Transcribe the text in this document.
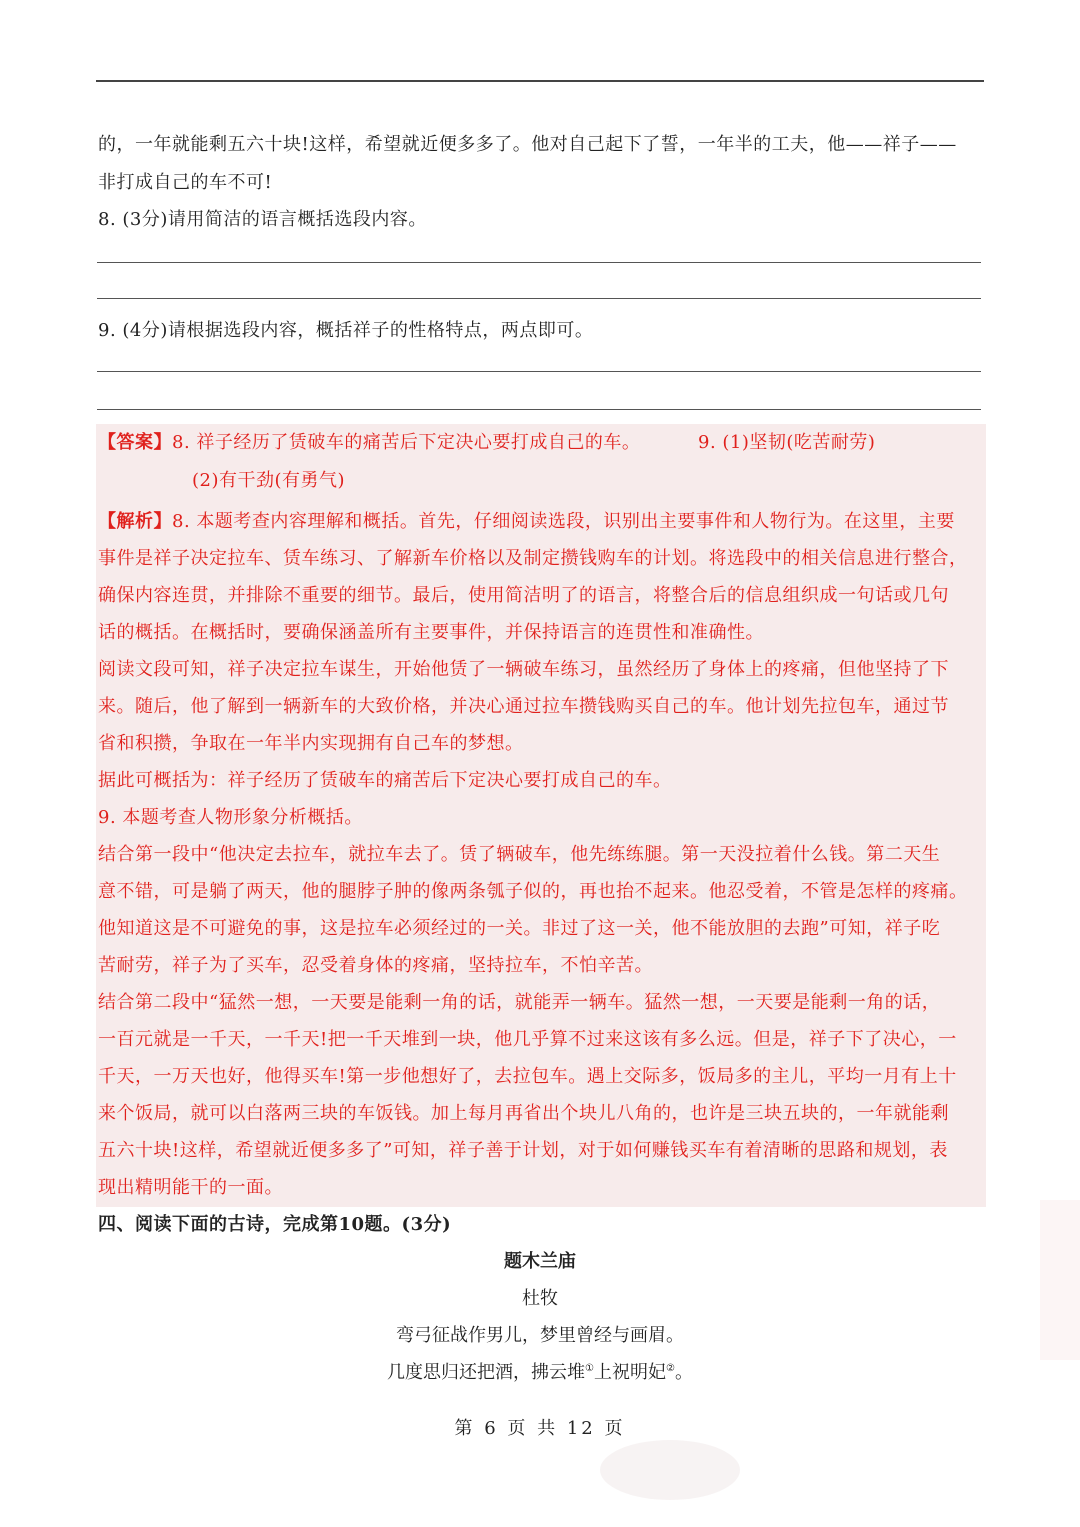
的，一年就能剩五六十块!这样，希望就近便多多了。他对自己起下了誓，一年半的工夫，他——祥子——
非打成自己的车不可!
8. (3分)请用简洁的语言概括选段内容。
9. (4分)请根据选段内容，概括祥子的性格特点，两点即可。
【答案】8. 祥子经历了赁破车的痛苦后下定决心要打成自己的车。	9. (1)坚韧(吃苦耐劳)
(2)有干劲(有勇气)
【解析】8. 本题考查内容理解和概括。首先，仔细阅读选段，识别出主要事件和人物行为。在这里，主要
事件是祥子决定拉车、赁车练习、了解新车价格以及制定攒钱购车的计划。将选段中的相关信息进行整合，
确保内容连贯，并排除不重要的细节。最后，使用简洁明了的语言，将整合后的信息组织成一句话或几句
话的概括。在概括时，要确保涵盖所有主要事件，并保持语言的连贯性和准确性。
阅读文段可知，祥子决定拉车谋生，开始他赁了一辆破车练习，虽然经历了身体上的疼痛，但他坚持了下
来。随后，他了解到一辆新车的大致价格，并决心通过拉车攒钱购买自己的车。他计划先拉包车，通过节
省和积攒，争取在一年半内实现拥有自己车的梦想。
据此可概括为：祥子经历了赁破车的痛苦后下定决心要打成自己的车。
9. 本题考查人物形象分析概括。
结合第一段中“他决定去拉车，就拉车去了。赁了辆破车，他先练练腿。第一天没拉着什么钱。第二天生
意不错，可是躺了两天，他的腿脖子肿的像两条瓠子似的，再也抬不起来。他忍受着，不管是怎样的疼痛。
他知道这是不可避免的事，这是拉车必须经过的一关。非过了这一关，他不能放胆的去跑”可知，祥子吃
苦耐劳，祥子为了买车，忍受着身体的疼痛，坚持拉车，不怕辛苦。
结合第二段中“猛然一想，一天要是能剩一角的话，就能弄一辆车。猛然一想，一天要是能剩一角的话，
一百元就是一千天，一千天!把一千天堆到一块，他几乎算不过来这该有多么远。但是，祥子下了决心，一
千天，一万天也好，他得买车!第一步他想好了，去拉包车。遇上交际多，饭局多的主儿，平均一月有上十
来个饭局，就可以白落两三块的车饭钱。加上每月再省出个块儿八角的，也许是三块五块的，一年就能剩
五六十块!这样，希望就近便多多了”可知，祥子善于计划，对于如何赚钱买车有着清晰的思路和规划，表
现出精明能干的一面。
四、阅读下面的古诗，完成第10题。(3分)
题木兰庙
杜牧
弯弓征战作男儿，梦里曾经与画眉。
几度思归还把酒，拂云堆①上祝明妃②。
第 6 页 共 12 页
